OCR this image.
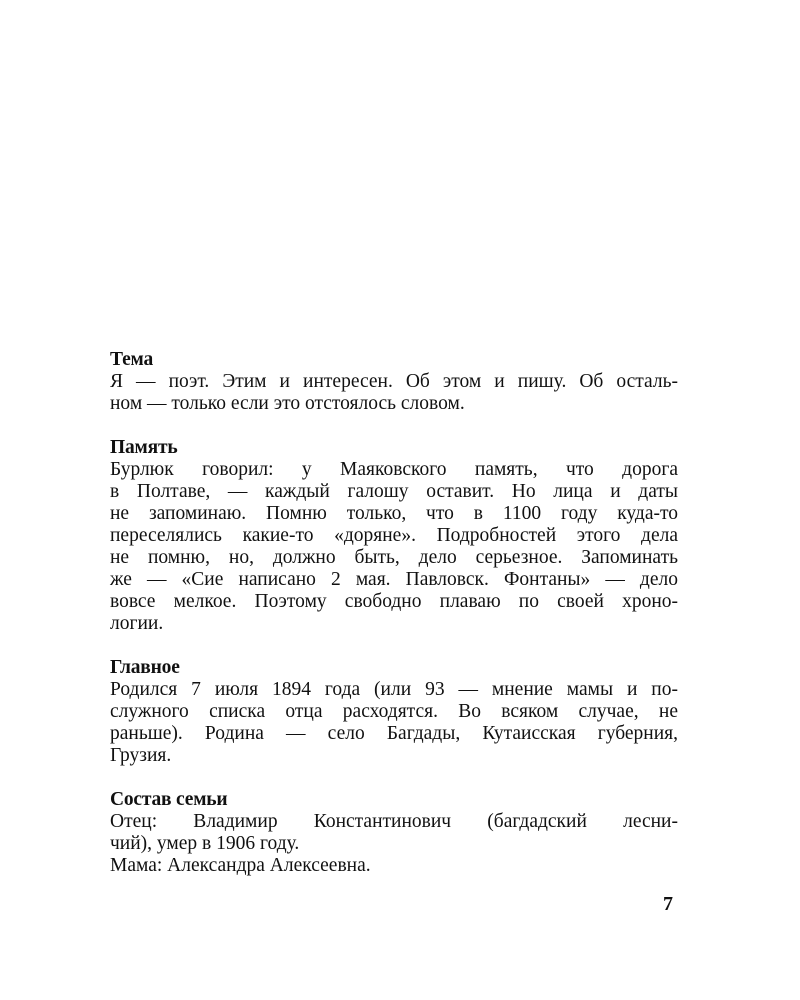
Тема
Я — поэт. Этим и интересен. Об этом и пишу. Об осталь-
ном — только если это отстоялось словом.
Память
Бурлюк говорил: у Маяковского память, что дорога
в Полтаве, — каждый галошу оставит. Но лица и даты
не запоминаю. Помню только, что в 1100 году куда-то
переселялись какие-то «доряне». Подробностей этого дела
не помню, но, должно быть, дело серьезное. Запоминать
же — «Сие написано 2 мая. Павловск. Фонтаны» — дело
вовсе мелкое. Поэтому свободно плаваю по своей хроно-
логии.
Главное
Родился 7 июля 1894 года (или 93 — мнение мамы и по-
служного списка отца расходятся. Во всяком случае, не
раньше). Родина — село Багдады, Кутаисская губерния,
Грузия.
Состав семьи
Отец: Владимир Константинович (багдадский лесни-
чий), умер в 1906 году.
Мама: Александра Алексеевна.
7
